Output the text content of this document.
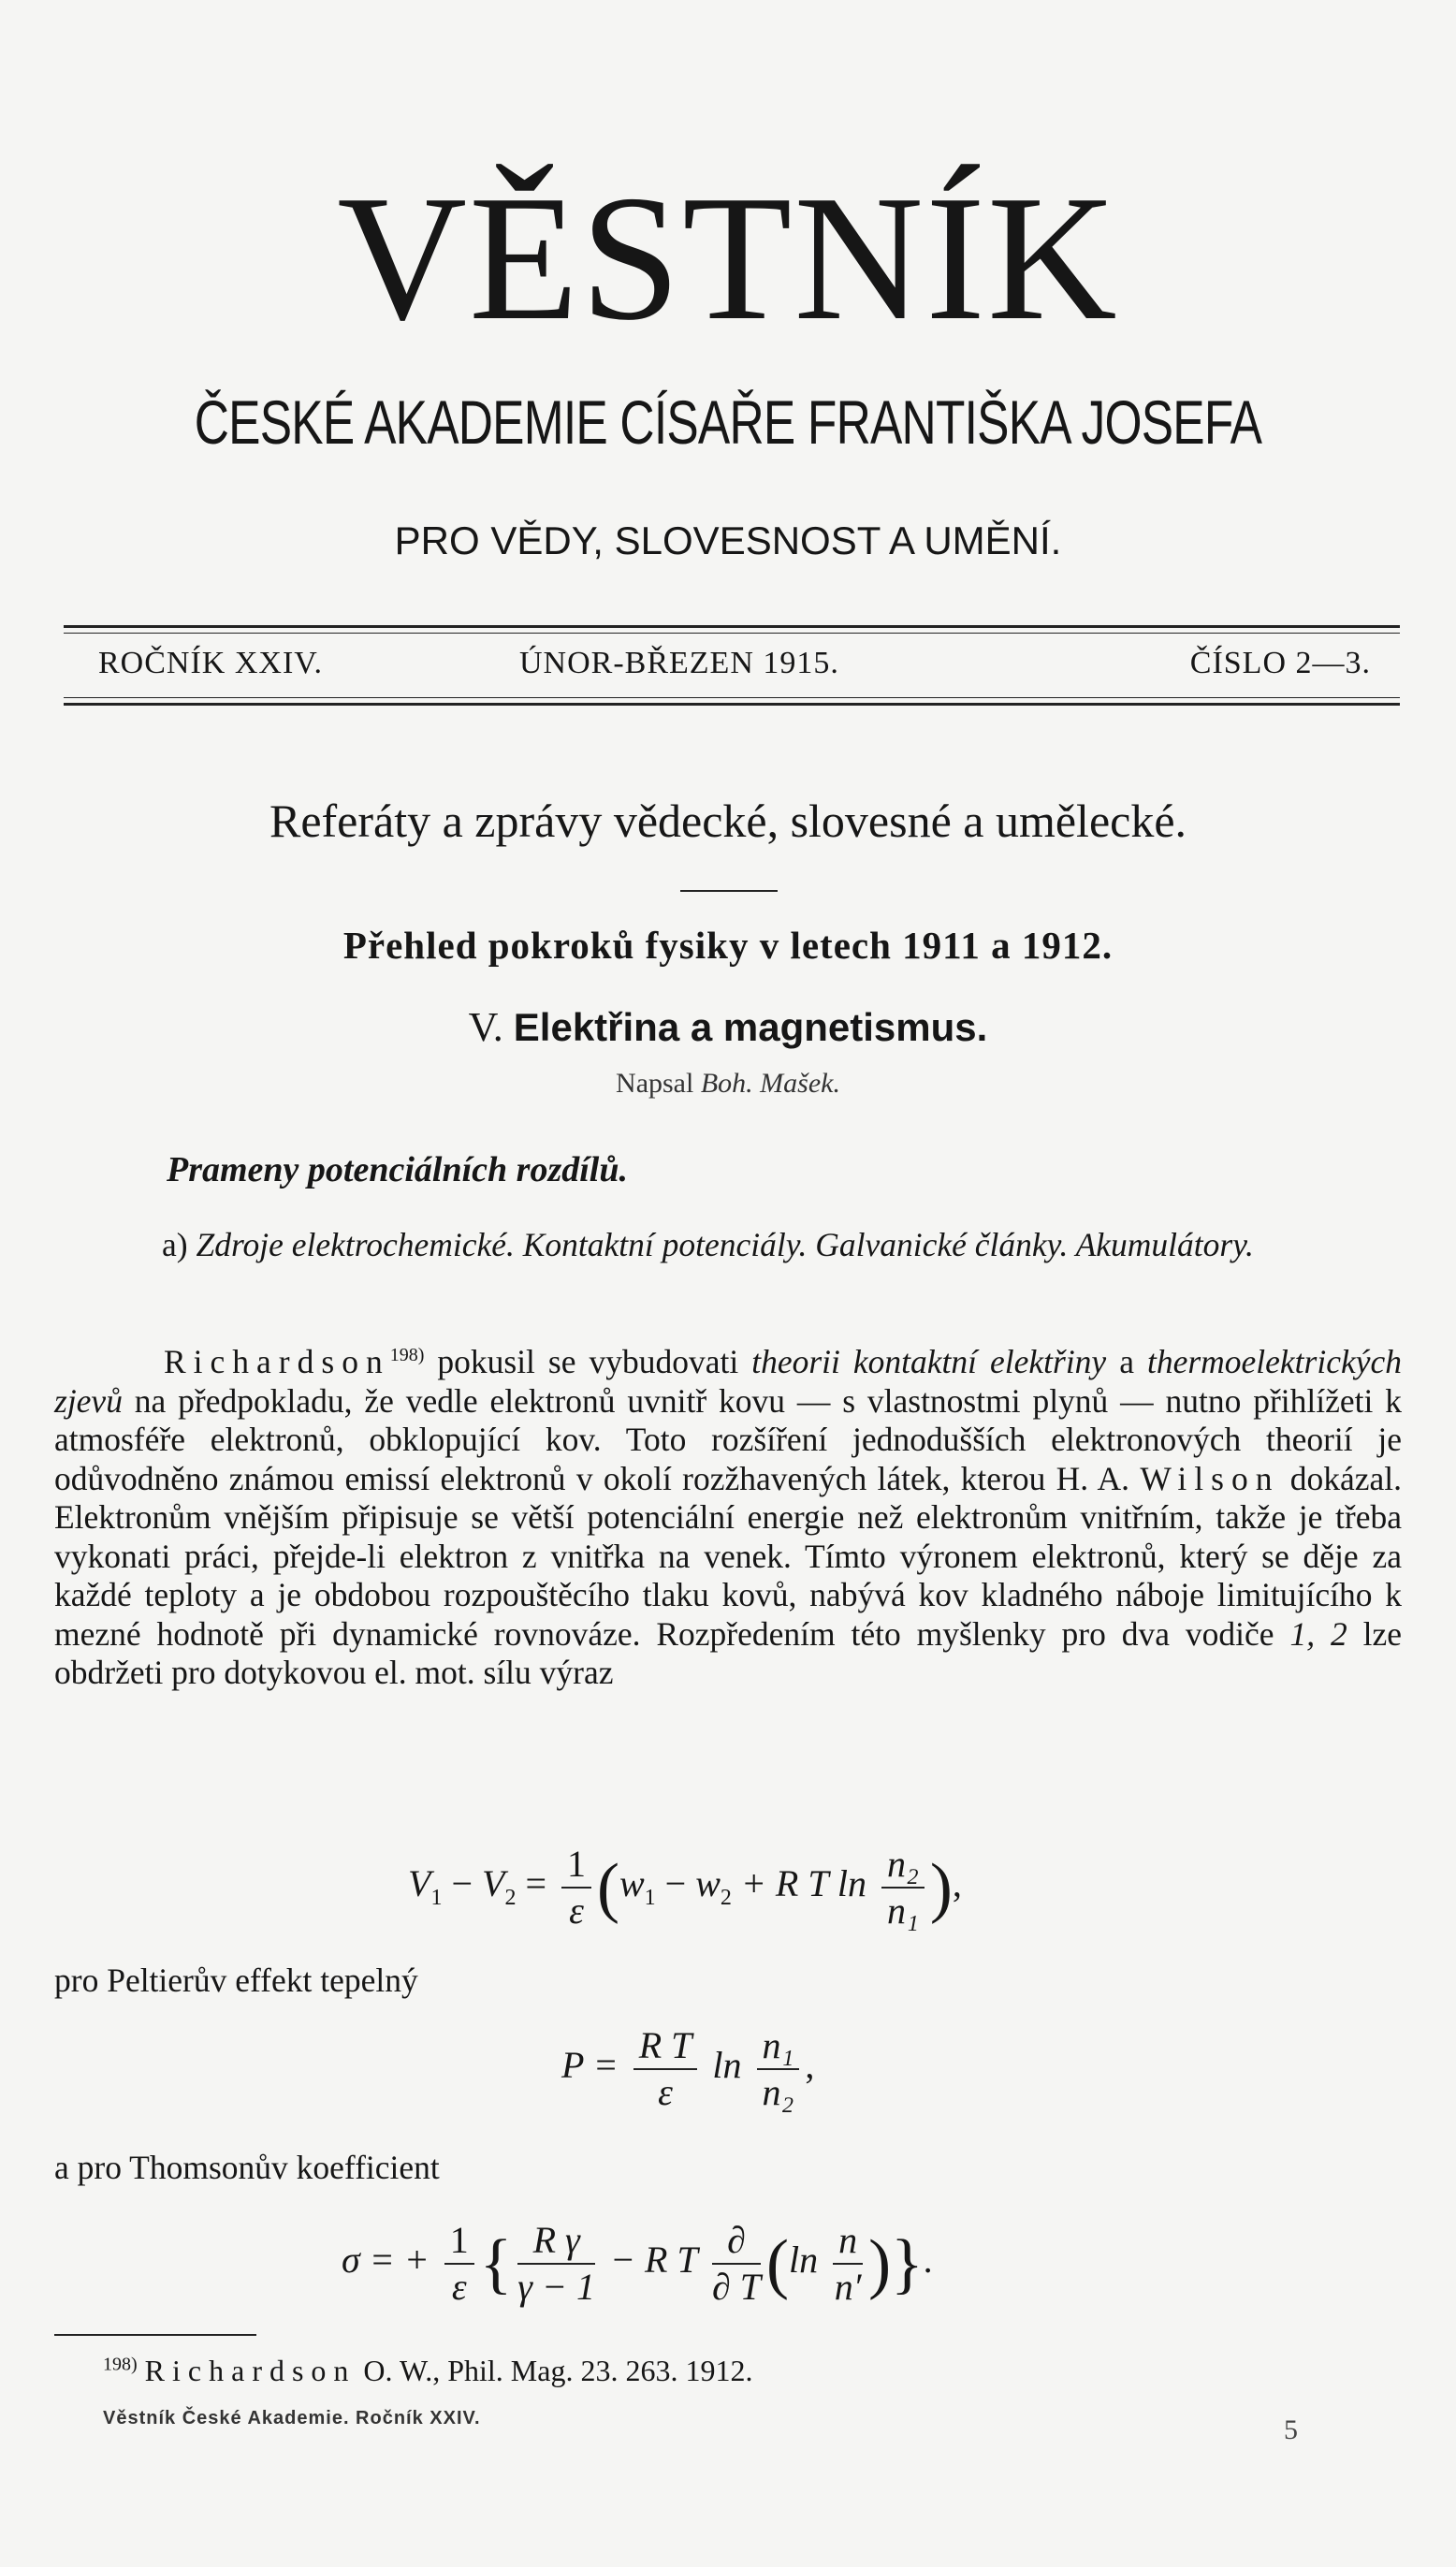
VĚSTNÍK
ČESKÉ AKADEMIE CÍSAŘE FRANTIŠKA JOSEFA
PRO VĚDY, SLOVESNOST A UMĚNÍ.
ROČNÍK XXIV.	ÚNOR-BŘEZEN 1915.	ČÍSLO 2—3.
Referáty a zprávy vědecké, slovesné a umělecké.
Přehled pokroků fysiky v letech 1911 a 1912.
V. Elektřina a magnetismus.
Napsal Boh. Mašek.
Prameny potenciálních rozdílů.
a) Zdroje elektrochemické. Kontaktní potenciály. Galvanické články. Akumulátory.
Richardson$^{198)}$ pokusil se vybudovati theorii kontaktní elektřiny a thermoelektrických zjevů na předpokladu, že vedle elektronů uvnitř kovu — s vlastnostmi plynů — nutno přihlížeti k atmosféře elektronů, obklopující kov. Toto rozšíření jednodušších elektronových theorií je odůvodněno známou emissí elektronů v okolí rozžhavených látek, kterou H. A. Wilson dokázal. Elektronům vnějším připisuje se větší potenciální energie než elektronům vnitřním, takže je třeba vykonati práci, přejde-li elektron z vnitřka na venek. Tímto výronem elektronů, který se děje za každé teploty a je obdobou rozpouštěcího tlaku kovů, nabývá kov kladného náboje limitujícího k mezné hodnotě při dynamické rovnováze. Rozpředením této myšlenky pro dva vodiče 1, 2 lze obdržeti pro dotykovou el. mot. sílu výraz
$V_1 - V_2 = \frac{1}{\varepsilon} (w_1 - w_2 + R$ T $\ln \frac{\text{n₂}}{\text{n₁}}$ ),
pro Peltierův effekt tepelný
$P = \frac{\text{R T}}{\varepsilon}$ $\ln \frac{\text{n₁}}{\text{n₂}}$ ,
a pro Thomsonův koefficient
σ = + $\frac{1}{\varepsilon}$ { $\frac{\text{R γ}}{\gamma - 1} - R$ T $\frac{\partial}{\partial T} (\ln \frac{n}{n'}$ )}.
$^{198)}$ Richardson O. W., Phil. Mag. 23. 263. 1912.
Věstník České Akademie. Ročník XXIV.	5
